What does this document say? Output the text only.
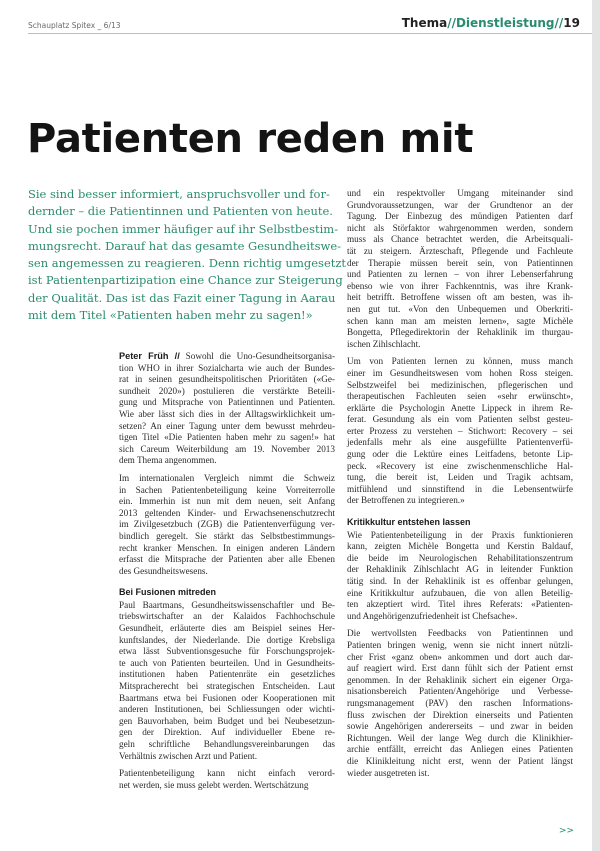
Schauplatz Spitex _ 6/13	Thema//Dienstleistung//19
Patienten reden mit
Sie sind besser informiert, anspruchsvoller und for-
dernder – die Patientinnen und Patienten von heute.
Und sie pochen immer häufiger auf ihr Selbstbestim-
mungsrecht. Darauf hat das gesamte Gesundheitswe-
sen angemessen zu reagieren. Denn richtig umgesetzt
ist Patientenpartizipation eine Chance zur Steigerung
der Qualität. Das ist das Fazit einer Tagung in Aarau
mit dem Titel «Patienten haben mehr zu sagen!»
Peter Früh // Sowohl die Uno-Gesundheitsorganisa-
tion WHO in ihrer Sozialcharta wie auch der Bundes-
rat in seinen gesundheitspolitischen Prioritäten («Ge-
sundheit 2020») postulieren die verstärkte Beteili-
gung und Mitsprache von Patientinnen und Patienten.
Wie aber lässt sich dies in der Alltagswirklichkeit um-
setzen? An einer Tagung unter dem bewusst mehrdeu-
tigen Titel «Die Patienten haben mehr zu sagen!» hat
sich Careum Weiterbildung am 19. November 2013
dem Thema angenommen.
Im internationalen Vergleich nimmt die Schweiz
in Sachen Patientenbeteiligung keine Vorreiterrolle
ein. Immerhin ist nun mit dem neuen, seit Anfang
2013 geltenden Kinder- und Erwachsenenschutzrecht
im Zivilgesetzbuch (ZGB) die Patientenverfügung ver-
bindlich geregelt. Sie stärkt das Selbstbestimmungs-
recht kranker Menschen. In einigen anderen Ländern
erfasst die Mitsprache der Patienten aber alle Ebenen
des Gesundheitswesens.
Bei Fusionen mitreden
Paul Baartmans, Gesundheitswissenschaftler und Be-
triebswirtschafter an der Kalaidos Fachhochschule
Gesundheit, erläuterte dies am Beispiel seines Her-
kunftslandes, der Niederlande. Die dortige Krebsliga
etwa lässt Subventionsgesuche für Forschungsprojek-
te auch von Patienten beurteilen. Und in Gesundheits-
institutionen haben Patientenräte ein gesetzliches
Mitspracherecht bei strategischen Entscheiden. Laut
Baartmans etwa bei Fusionen oder Kooperationen mit
anderen Institutionen, bei Schliessungen oder wichti-
gen Bauvorhaben, beim Budget und bei Neubesetzun-
gen der Direktion. Auf individueller Ebene re-
geln schriftliche Behandlungsvereinbarungen das
Verhältnis zwischen Arzt und Patient.
Patientenbeteiligung kann nicht einfach verord-
net werden, sie muss gelebt werden. Wertschätzung
und ein respektvoller Umgang miteinander sind
Grundvoraussetzungen, war der Grundtenor an der
Tagung. Der Einbezug des mündigen Patienten darf
nicht als Störfaktor wahrgenommen werden, sondern
muss als Chance betrachtet werden, die Arbeitsquali-
tät zu steigern. Ärzteschaft, Pflegende und Fachleute
der Therapie müssen bereit sein, von Patientinnen
und Patienten zu lernen – von ihrer Lebenserfahrung
ebenso wie von ihrer Fachkenntnis, was ihre Krank-
heit betrifft. Betroffene wissen oft am besten, was ih-
nen gut tut. «Von den Unbequemen und Oberkriti-
schen kann man am meisten lernen», sagte Michèle
Bongetta, Pflegedirektorin der Rehaklinik im thurgau-
ischen Zihlschlacht.
Um von Patienten lernen zu können, muss manch
einer im Gesundheitswesen vom hohen Ross steigen.
Selbstzweifel bei medizinischen, pflegerischen und
therapeutischen Fachleuten seien «sehr erwünscht»,
erklärte die Psychologin Anette Lippeck in ihrem Re-
ferat. Gesundung als ein vom Patienten selbst gesteu-
erter Prozess zu verstehen – Stichwort: Recovery – sei
jedenfalls mehr als eine ausgefüllte Patientenverfü-
gung oder die Lektüre eines Leitfadens, betonte Lip-
peck. «Recovery ist eine zwischenmenschliche Hal-
tung, die bereit ist, Leiden und Tragik achtsam,
mitfühlend und sinnstiftend in die Lebensentwürfe
der Betroffenen zu integrieren.»
Kritikkultur entstehen lassen
Wie Patientenbeteiligung in der Praxis funktionieren
kann, zeigten Michèle Bongetta und Kerstin Baldauf,
die beide im Neurologischen Rehabilitationszentrum
der Rehaklinik Zihlschlacht AG in leitender Funktion
tätig sind. In der Rehaklinik ist es offenbar gelungen,
eine Kritikkultur aufzubauen, die von allen Beteilig-
ten akzeptiert wird. Titel ihres Referats: «Patienten-
und Angehörigenzufriedenheit ist Chefsache».
Die wertvollsten Feedbacks von Patientinnen und
Patienten bringen wenig, wenn sie nicht innert nützli-
cher Frist «ganz oben» ankommen und dort auch dar-
auf reagiert wird. Erst dann fühlt sich der Patient ernst
genommen. In der Rehaklinik sichert ein eigener Orga-
nisationsbereich Patienten/Angehörige und Verbesse-
rungsmanagement (PAV) den raschen Informations-
fluss zwischen der Direktion einerseits und Patienten
sowie Angehörigen andererseits – und zwar in beiden
Richtungen. Weil der lange Weg durch die Klinikhier-
archie entfällt, erreicht das Anliegen eines Patienten
die Klinikleitung nicht erst, wenn der Patient längst
wieder ausgetreten ist.
>>
